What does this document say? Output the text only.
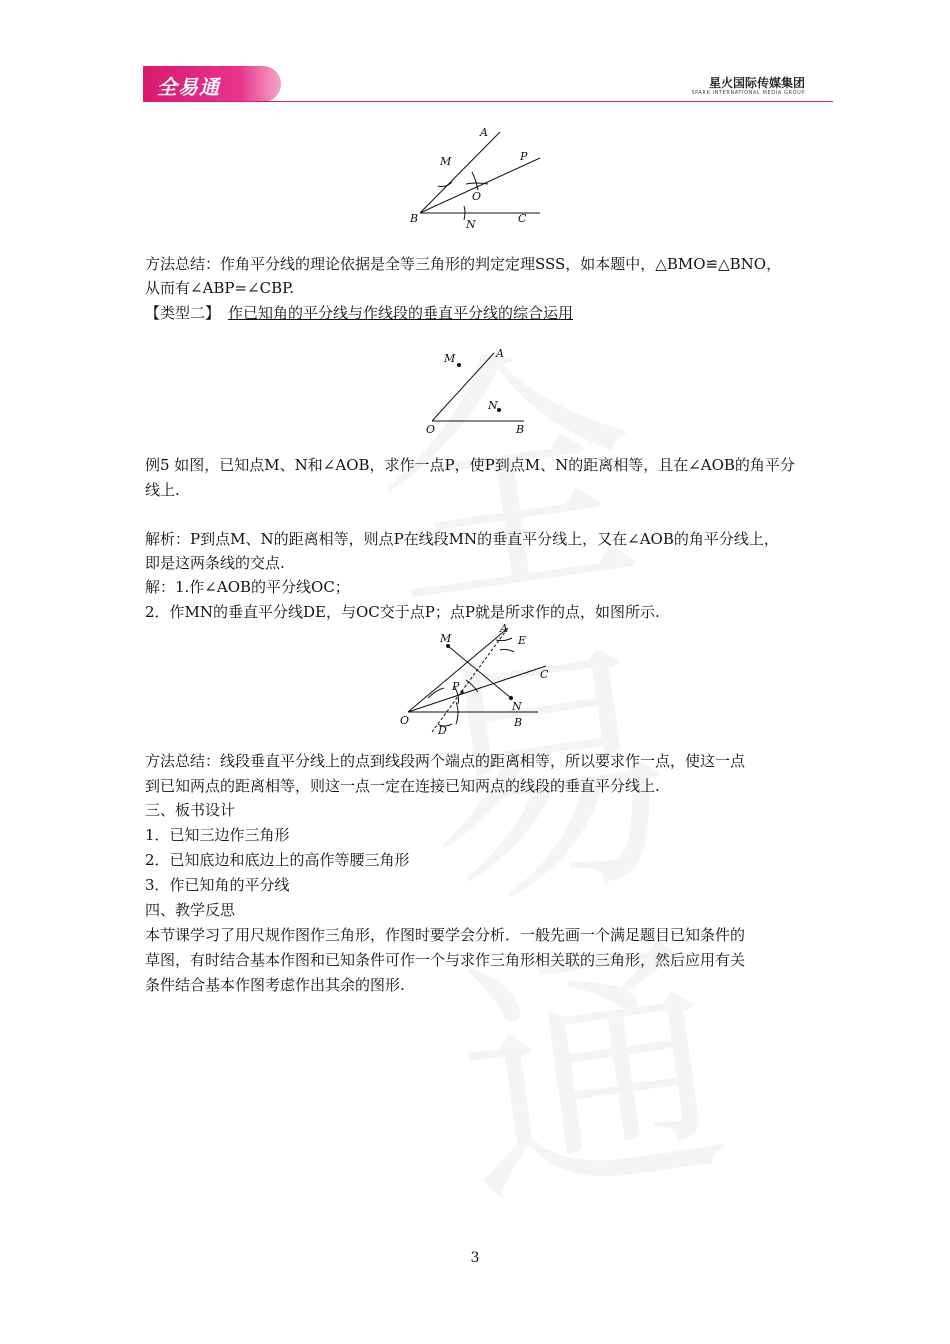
全易通	星火国际传媒集团
SPARK INTERNATIONAL MEDIA GROUP
A
M	P
O
B	N	C
方法总结：作角平分线的理论依据是全等三角形的判定定理SSS，如本题中，△BMO≌△BNO，
从而有∠ABP=∠CBP.
【类型二】 作已知角的平分线与作线段的垂直平分线的综合运用
M	A
N
O	B
例5 如图，已知点M、N和∠AOB，求作一点P，使P到点M、N的距离相等，且在∠AOB的角平分
线上.
解析：P到点M、N的距离相等，则点P在线段MN的垂直平分线上，又在∠AOB的角平分线上，
即是这两条线的交点.
解：1.作∠AOB的平分线OC；
2．作MN的垂直平分线DE，与OC交于点P；点P就是所求作的点，如图所示.
M
A
E
C
P
N
O
D
B
方法总结：线段垂直平分线上的点到线段两个端点的距离相等，所以要求作一点，使这一点
到已知两点的距离相等，则这一点一定在连接已知两点的线段的垂直平分线上.
三、板书设计
1．已知三边作三角形
2．已知底边和底边上的高作等腰三角形
3．作已知角的平分线
四、教学反思
本节课学习了用尺规作图作三角形，作图时要学会分析．一般先画一个满足题目已知条件的
草图，有时结合基本作图和已知条件可作一个与求作三角形相关联的三角形，然后应用有关
条件结合基本作图考虑作出其余的图形.
3
